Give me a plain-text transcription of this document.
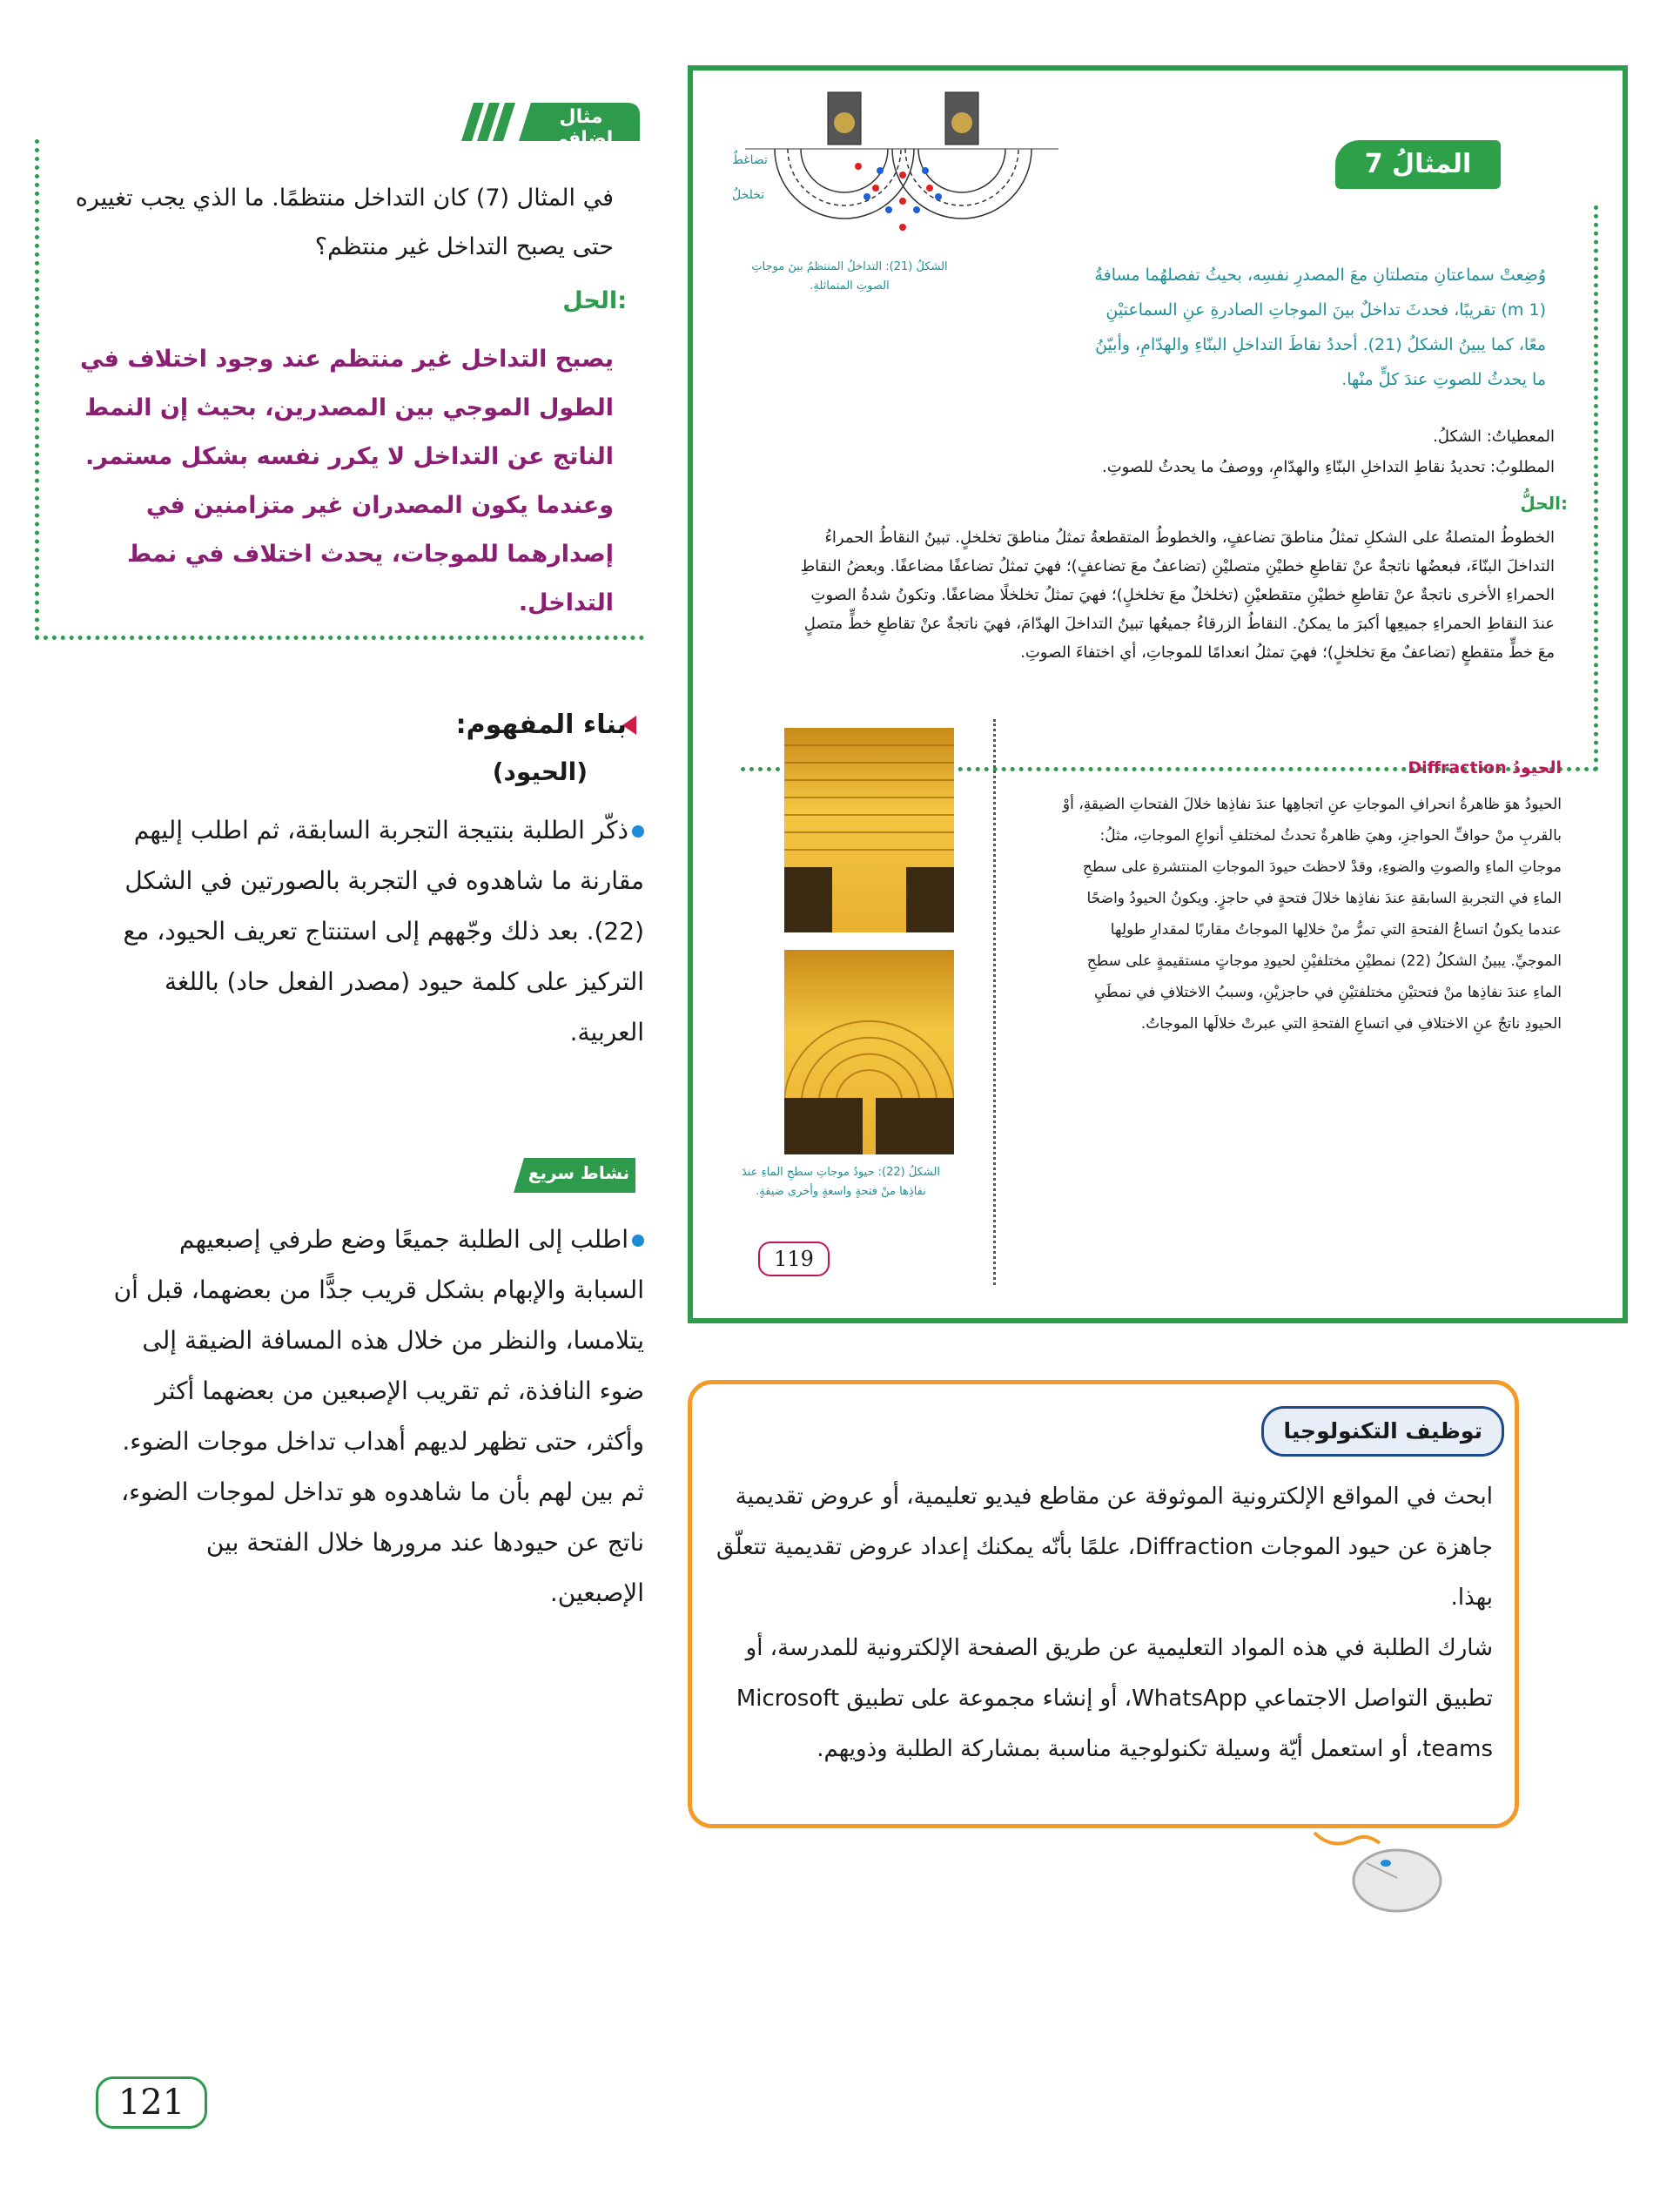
المثالُ 7
تضاغطٌ
تخلخلٌ
الشكلُ (21): التداخلُ المنتظمُ بينَ موجاتِ الصوتِ المتماثلةِ.
وُضِعتْ سماعتانِ متصلتانِ معَ المصدرِ نفسِه، بحيثُ تفصلهُما مسافةُ (1 m) تقريبًا، فحدثَ تداخلٌ بينَ الموجاتِ الصادرةِ عنِ السماعتيْنِ معًا، كما يبينُ الشكلُ (21). أحددُ نقاطَ التداخلِ البنّاءِ والهدّامِ، وأبيّنُ ما يحدثُ للصوتِ عندَ كلٍّ منْها.
المعطياتُ: الشكلُ.
المطلوبُ: تحديدُ نقاطِ التداخلِ البنّاءِ والهدّامِ، ووصفُ ما يحدثُ للصوتِ.
الحلُّ:
الخطوطُ المتصلةُ على الشكلِ تمثلُ مناطقَ تضاعفٍ، والخطوطُ المتقطعةُ تمثلُ مناطقَ تخلخلٍ. تبينُ النقاطُ الحمراءُ التداخلَ البنّاءَ، فبعضُها ناتجةٌ عنْ تقاطعِ خطيْنِ متصليْنِ (تضاعفٌ معَ تضاعفٍ)؛ فهيَ تمثلُ تضاعفًا مضاعفًا. وبعضُ النقاطِ الحمراءِ الأخرى ناتجةٌ عنْ تقاطعِ خطيْنِ متقطعيْنِ (تخلخلٌ معَ تخلخلٍ)؛ فهيَ تمثلُ تخلخلًا مضاعفًا. وتكونُ شدةُ الصوتِ عندَ النقاطِ الحمراءِ جميعِها أكبرَ ما يمكنُ. النقاطُ الزرقاءُ جميعُها تبينُ التداخلَ الهدّامَ، فهيَ ناتجةٌ عنْ تقاطعِ خطٍّ متصلٍ معَ خطٍّ متقطعٍ (تضاعفٌ معَ تخلخلٍ)؛ فهيَ تمثلُ انعدامًا للموجاتِ، أي اختفاءَ الصوتِ.
الحيودُ Diffraction
الحيودُ هوَ ظاهرةُ انحرافِ الموجاتِ عنِ اتجاهِها عندَ نفاذِها خلالَ الفتحاتِ الضيقةِ، أوْ بالقربِ منْ حوافِّ الحواجزِ، وهيَ ظاهرةٌ تحدثُ لمختلفِ أنواعِ الموجاتِ، مثلُ: موجاتِ الماءِ والصوتِ والضوءِ، وقدْ لاحظتَ حيودَ الموجاتِ المنتشرةِ على سطحِ الماءِ في التجربةِ السابقةِ عندَ نفاذِها خلالَ فتحةٍ في حاجزٍ. ويكونُ الحيودُ واضحًا عندما يكونُ اتساعُ الفتحةِ التي تمرُّ منْ خلالِها الموجاتُ مقاربًا لمقدارِ طولِها الموجيِّ. يبينُ الشكلُ (22) نمطيْنِ مختلفيْنِ لحيودِ موجاتٍ مستقيمةٍ على سطحِ الماءِ عندَ نفاذِها منْ فتحتيْنِ مختلفتيْنِ في حاجزيْنِ، وسببُ الاختلافِ في نمطَيِ الحيودِ ناتجٌ عنِ الاختلافِ في اتساعِ الفتحةِ التي عبرتْ خلالَها الموجاتُ.
الشكلُ (22): حيودُ موجاتِ سطحِ الماءِ عندَ نفاذِها منْ فتحةٍ واسعةٍ وأخرى ضيقةٍ.
119
مثال إضافي
في المثال (7) كان التداخل منتظمًا. ما الذي يجب تغييره حتى يصبح التداخل غير منتظم؟
الحل:
يصبح التداخل غير منتظم عند وجود اختلاف في الطول الموجي بين المصدرين، بحيث إن النمط الناتج عن التداخل لا يكرر نفسه بشكل مستمر. وعندما يكون المصدران غير متزامنين في إصدارهما للموجات، يحدث اختلاف في نمط التداخل.
بناء المفهوم:
(الحيود)
ذكّر الطلبة بنتيجة التجربة السابقة، ثم اطلب إليهم مقارنة ما شاهدوه في التجربة بالصورتين في الشكل (22). بعد ذلك وجّههم إلى استنتاج تعريف الحيود، مع التركيز على كلمة حيود (مصدر الفعل حاد) باللغة العربية.
نشاط سريع
اطلب إلى الطلبة جميعًا وضع طرفي إصبعيهم السبابة والإبهام بشكل قريب جدًّا من بعضهما، قبل أن يتلامسا، والنظر من خلال هذه المسافة الضيقة إلى ضوء النافذة، ثم تقريب الإصبعين من بعضهما أكثر وأكثر، حتى تظهر لديهم أهداب تداخل موجات الضوء. ثم بين لهم بأن ما شاهدوه هو تداخل لموجات الضوء، ناتج عن حيودها عند مرورها خلال الفتحة بين الإصبعين.
توظيف التكنولوجيا
ابحث في المواقع الإلكترونية الموثوقة عن مقاطع فيديو تعليمية، أو عروض تقديمية جاهزة عن حيود الموجات Diffraction، علمًا بأنّه يمكنك إعداد عروض تقديمية تتعلّق بهذا.
شارك الطلبة في هذه المواد التعليمية عن طريق الصفحة الإلكترونية للمدرسة، أو تطبيق التواصل الاجتماعي WhatsApp، أو إنشاء مجموعة على تطبيق Microsoft teams، أو استعمل أيّة وسيلة تكنولوجية مناسبة بمشاركة الطلبة وذويهم.
121
